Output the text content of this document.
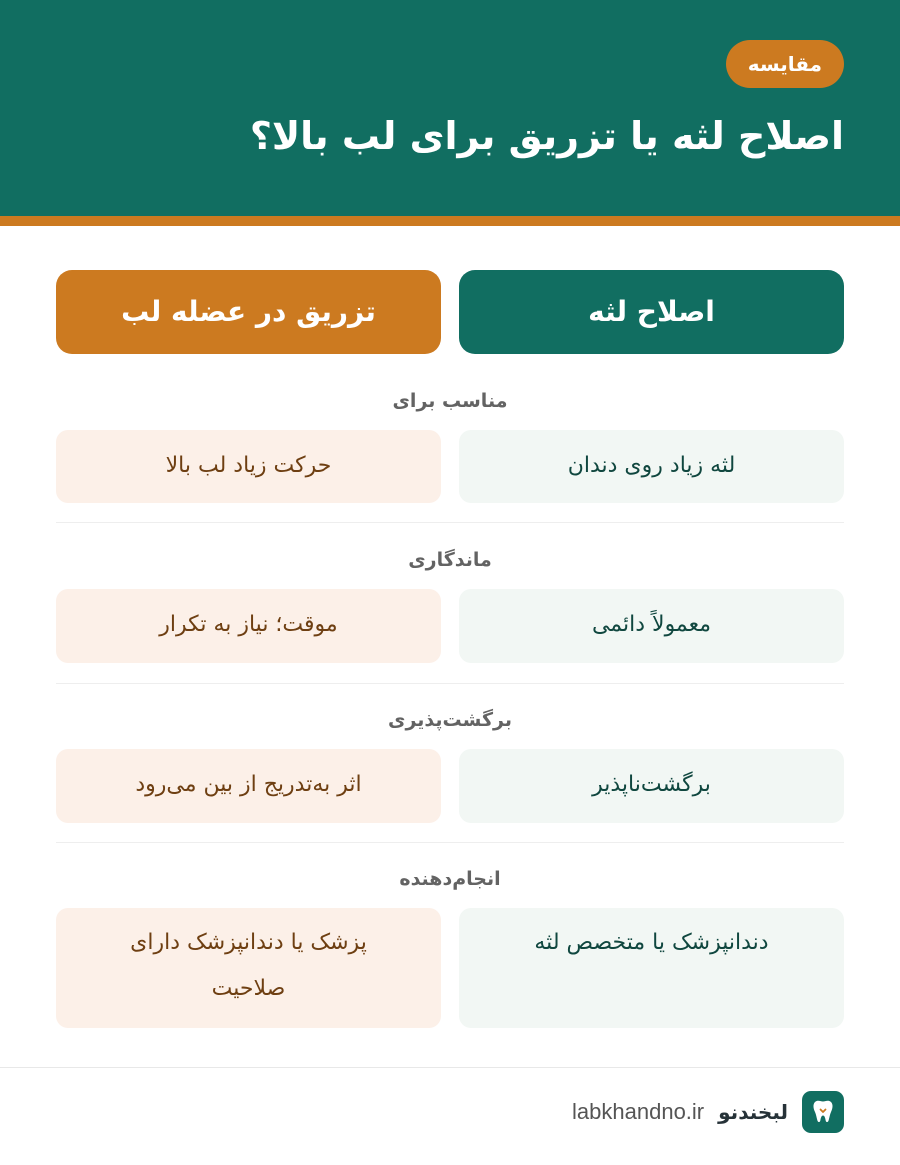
مقایسه
اصلاح لثه یا تزریق برای لب بالا؟
اصلاح لثه
تزریق در عضله لب
مناسب برای
لثه زیاد روی دندان
حرکت زیاد لب بالا
ماندگاری
معمولاً دائمی
موقت؛ نیاز به تکرار
برگشت‌پذیری
برگشت‌ناپذیر
اثر به‌تدریج از بین می‌رود
انجام‌دهنده
دندانپزشک یا متخصص لثه
پزشک یا دندانپزشک دارای صلاحیت
لبخندنو
labkhandno.ir
